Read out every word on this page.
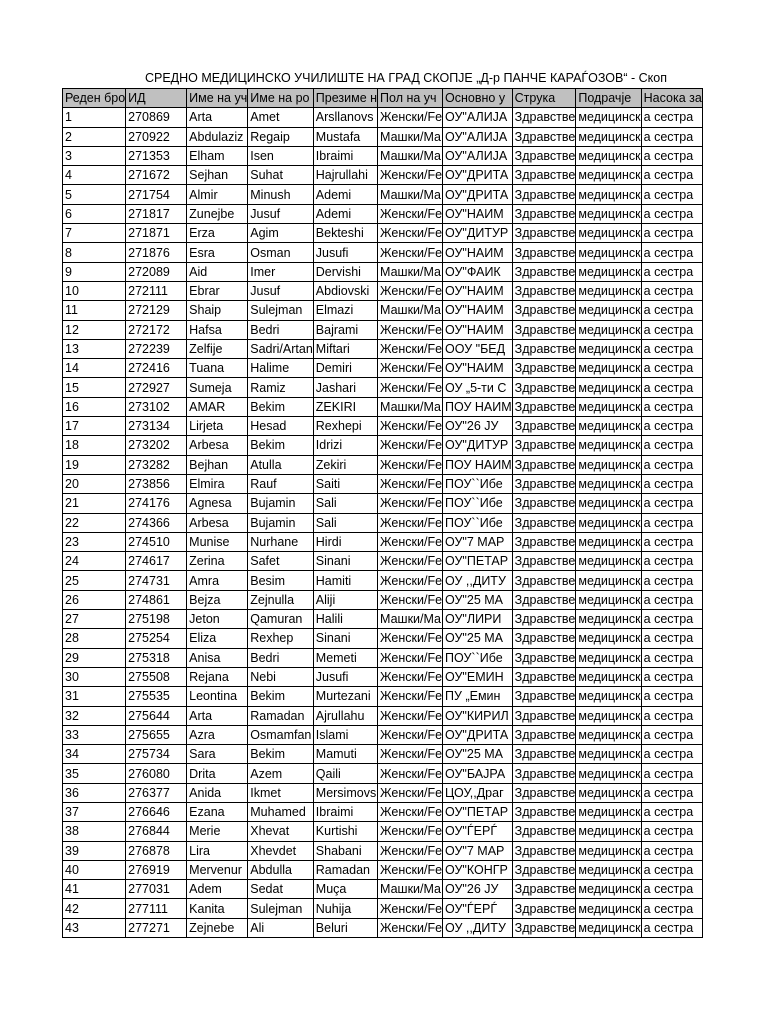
СРЕДНО МЕДИЦИНСКО УЧИЛИШТЕ НА ГРАД СКОПЈЕ „Д-р ПАНЧЕ КАРАЃОЗОВ“ - Скоп
Реден бро	ИД	Име на уч	Име на ро	Презиме н	Пол на уч	Основно у	Струка	Подрачје	Насока за
1	270869	Arta	Amet	Arsllanovs	Женски/Fe	ОУ"АЛИЈА	Здравстве	медицинск	а сестра
2	270922	Abdulaziz	Regaip	Mustafa	Машки/Ма	ОУ"АЛИЈА	Здравстве	медицинск	а сестра
3	271353	Elham	Isen	Ibraimi	Машки/Ма	ОУ"АЛИЈА	Здравстве	медицинск	а сестра
4	271672	Sejhan	Suhat	Hajrullahi	Женски/Fe	ОУ"ДРИТА	Здравстве	медицинск	а сестра
5	271754	Almir	Minush	Ademi	Машки/Ма	ОУ"ДРИТА	Здравстве	медицинск	а сестра
6	271817	Zunejbe	Jusuf	Ademi	Женски/Fe	ОУ"НАИМ	Здравстве	медицинск	а сестра
7	271871	Erza	Agim	Bekteshi	Женски/Fe	ОУ"ДИТУР	Здравстве	медицинск	а сестра
8	271876	Esra	Osman	Jusufi	Женски/Fe	ОУ"НАИМ	Здравстве	медицинск	а сестра
9	272089	Aid	Imer	Dervishi	Машки/Ма	ОУ"ФАИК	Здравстве	медицинск	а сестра
10	272111	Ebrar	Jusuf	Abdiovski	Женски/Fe	ОУ"НАИМ	Здравстве	медицинск	а сестра
11	272129	Shaip	Sulejman	Elmazi	Машки/Ма	ОУ"НАИМ	Здравстве	медицинск	а сестра
12	272172	Hafsa	Bedri	Bajrami	Женски/Fe	ОУ"НАИМ	Здравстве	медицинск	а сестра
13	272239	Zelfije	Sadri/Artan	Miftari	Женски/Fe	ООУ "БЕД	Здравстве	медицинск	а сестра
14	272416	Tuana	Halime	Demiri	Женски/Fe	ОУ"НАИМ	Здравстве	медицинск	а сестра
15	272927	Sumeja	Ramiz	Jashari	Женски/Fe	ОУ „5-ти С	Здравстве	медицинск	а сестра
16	273102	AMAR	Bekim	ZEKIRI	Машки/Ма	ПОУ НАИМ	Здравстве	медицинск	а сестра
17	273134	Lirjeta	Hesad	Rexhepi	Женски/Fe	ОУ"26 ЈУ	Здравстве	медицинск	а сестра
18	273202	Arbesa	Bekim	Idrizi	Женски/Fe	ОУ"ДИТУР	Здравстве	медицинск	а сестра
19	273282	Bejhan	Atulla	Zekiri	Женски/Fe	ПОУ НАИМ	Здравстве	медицинск	а сестра
20	273856	Elmira	Rauf	Saiti	Женски/Fe	ПОУ``Ибе	Здравстве	медицинск	а сестра
21	274176	Agnesa	Bujamin	Sali	Женски/Fe	ПОУ``Ибе	Здравстве	медицинск	а сестра
22	274366	Arbesa	Bujamin	Sali	Женски/Fe	ПОУ``Ибе	Здравстве	медицинск	а сестра
23	274510	Munise	Nurhane	Hirdi	Женски/Fe	ОУ"7 МАР	Здравстве	медицинск	а сестра
24	274617	Zerina	Safet	Sinani	Женски/Fe	ОУ"ПЕТАР	Здравстве	медицинск	а сестра
25	274731	Amra	Besim	Hamiti	Женски/Fe	ОУ ,,ДИТУ	Здравстве	медицинск	а сестра
26	274861	Bejza	Zejnulla	Aliji	Женски/Fe	ОУ"25 МА	Здравстве	медицинск	а сестра
27	275198	Jeton	Qamuran	Halili	Машки/Ма	ОУ"ЛИРИ	Здравстве	медицинск	а сестра
28	275254	Eliza	Rexhep	Sinani	Женски/Fe	ОУ"25 МА	Здравстве	медицинск	а сестра
29	275318	Anisa	Bedri	Memeti	Женски/Fe	ПОУ``Ибе	Здравстве	медицинск	а сестра
30	275508	Rejana	Nebi	Jusufi	Женски/Fe	ОУ"ЕМИН	Здравстве	медицинск	а сестра
31	275535	Leontina	Bekim	Murtezani	Женски/Fe	ПУ „Емин	Здравстве	медицинск	а сестра
32	275644	Arta	Ramadan	Ajrullahu	Женски/Fe	ОУ"КИРИЛ	Здравстве	медицинск	а сестра
33	275655	Azra	Osmamfan	Islami	Женски/Fe	ОУ"ДРИТА	Здравстве	медицинск	а сестра
34	275734	Sara	Bekim	Mamuti	Женски/Fe	ОУ"25 МА	Здравстве	медицинск	а сестра
35	276080	Drita	Azem	Qaili	Женски/Fe	ОУ"БАЈРА	Здравстве	медицинск	а сестра
36	276377	Anida	Ikmet	Mersimovs	Женски/Fe	ЦОУ,,Драг	Здравстве	медицинск	а сестра
37	276646	Ezana	Muhamed	Ibraimi	Женски/Fe	ОУ"ПЕТАР	Здравстве	медицинск	а сестра
38	276844	Merie	Xhevat	Kurtishi	Женски/Fe	ОУ"ЃЕРЃ	Здравстве	медицинск	а сестра
39	276878	Lira	Xhevdet	Shabani	Женски/Fe	ОУ"7 МАР	Здравстве	медицинск	а сестра
40	276919	Mervenur	Abdulla	Ramadan	Женски/Fe	ОУ"КОНГР	Здравстве	медицинск	а сестра
41	277031	Adem	Sedat	Muça	Машки/Ма	ОУ"26 ЈУ	Здравстве	медицинск	а сестра
42	277111	Kanita	Sulejman	Nuhija	Женски/Fe	ОУ"ЃЕРЃ	Здравстве	медицинск	а сестра
43	277271	Zejnebe	Ali	Beluri	Женски/Fe	ОУ ,,ДИТУ	Здравстве	медицинск	а сестра
